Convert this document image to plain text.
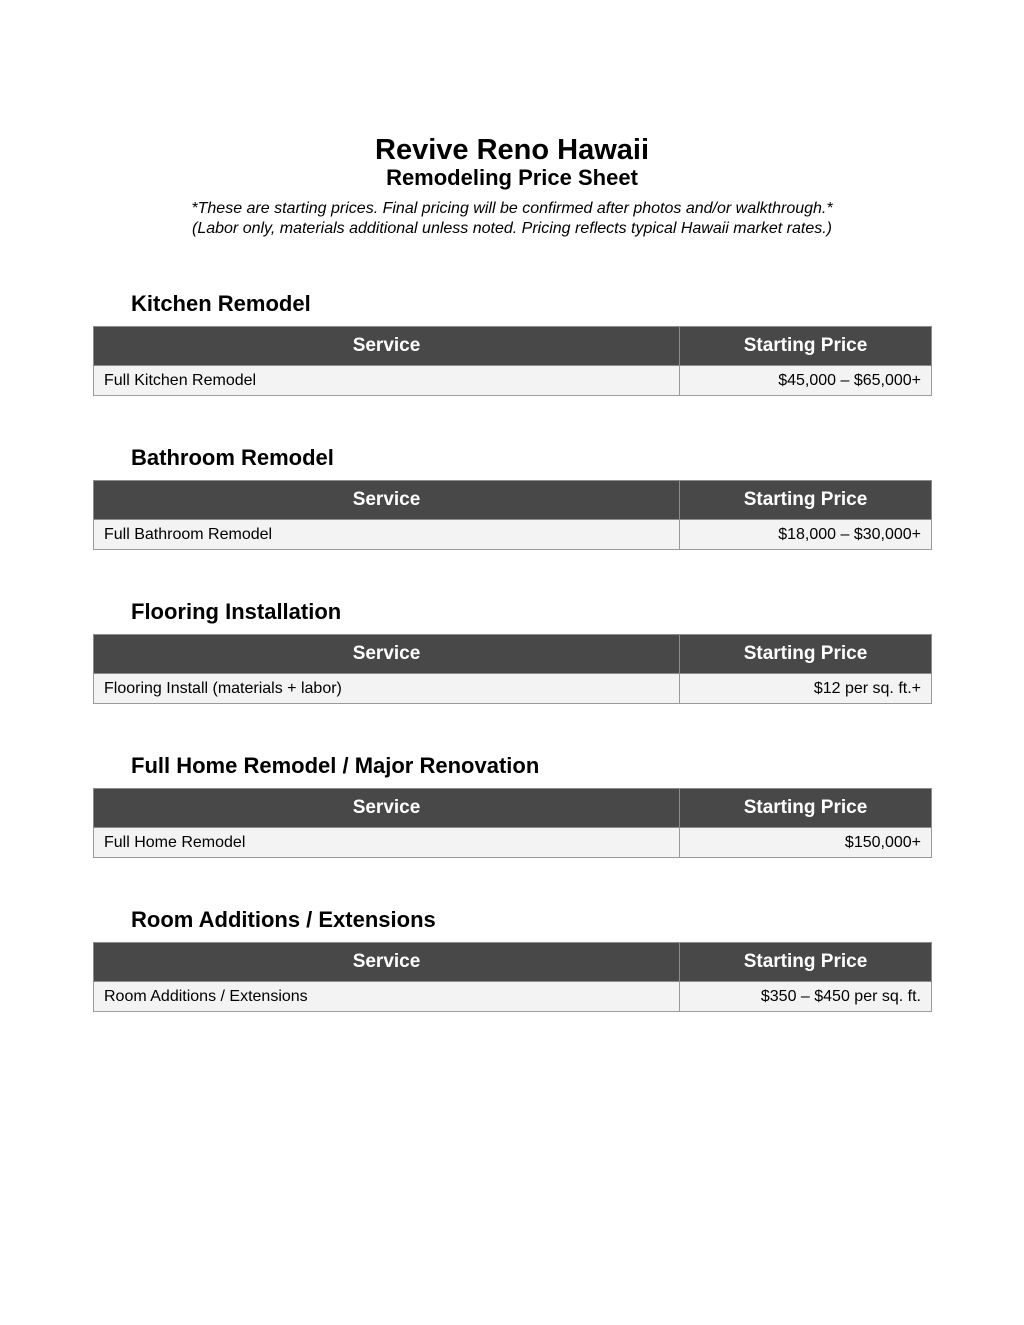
Revive Reno Hawaii
Remodeling Price Sheet

*These are starting prices. Final pricing will be confirmed after photos and/or walkthrough.*

(Labor only, materials additional unless noted. Pricing reflects typical Hawaii market rates.)

Kitchen Remodel
Service	Starting Price
Full Kitchen Remodel	$45,000 – $65,000+
Bathroom Remodel
Service	Starting Price
Full Bathroom Remodel	$18,000 – $30,000+
Flooring Installation
Service	Starting Price
Flooring Install (materials + labor)	$12 per sq. ft.+
Full Home Remodel / Major Renovation
Service	Starting Price
Full Home Remodel	$150,000+
Room Additions / Extensions
Service	Starting Price
Room Additions / Extensions	$350 – $450 per sq. ft.
